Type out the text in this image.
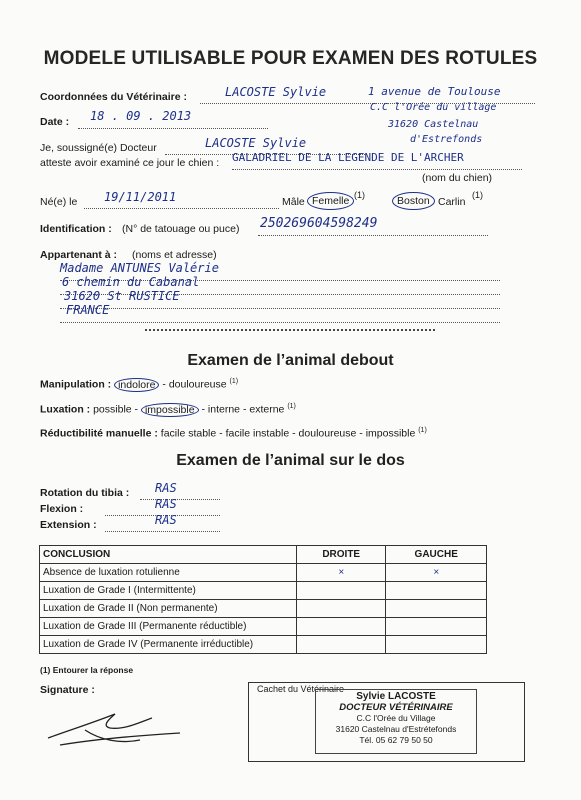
MODELE UTILISABLE POUR EXAMEN DES ROTULES
Coordonnées du Vétérinaire :	LACOSTE Sylvie	1 avenue de Toulouse
C.C l'Orée du village
31620 Castelnau
d'Estrefonds
Date : 18 . 09 . 2013
Je, soussigné(e) Docteur	LACOSTE Sylvie
atteste avoir examiné ce jour le chien : GALADRIEL DE LA LEGENDE DE L'ARCHER
(nom du chien)
Né(e) le 19/11/2011	Mâle Femelle (1)	Boston Carlin
(1)
Identification : (N° de tatouage ou puce) 250269604598249
Appartenant à : (noms et adresse)
Madame ANTUNES Valérie
6 chemin du Cabanal
31620 St RUSTICE
FRANCE
Examen de l’animal debout
Manipulation : indolore - douloureuse $^{(1)}$
Luxation : possible - impossible - interne - externe $^{(1)}$
Réductibilité manuelle : facile stable - facile instable - douloureuse - impossible $^{(1)}$
Examen de l’animal sur le dos
Rotation du tibia : RAS
Flexion :	RAS
Extension :	RAS
CONCLUSION	DROITE	GAUCHE
Absence de luxation rotulienne	×	×
Luxation de Grade I (Intermittente)		
Luxation de Grade II (Non permanente)		
Luxation de Grade III (Permanente réductible)		
Luxation de Grade IV (Permanente irréductible)		
(1) Entourer la réponse
Signature :	Cachet du Vétérinaire
Sylvie LACOSTE
DOCTEUR VÉTÉRINAIRE
C.C l'Orée du Village
31620 Castelnau d'Estrétefonds
Tél. 05 62 79 50 50
